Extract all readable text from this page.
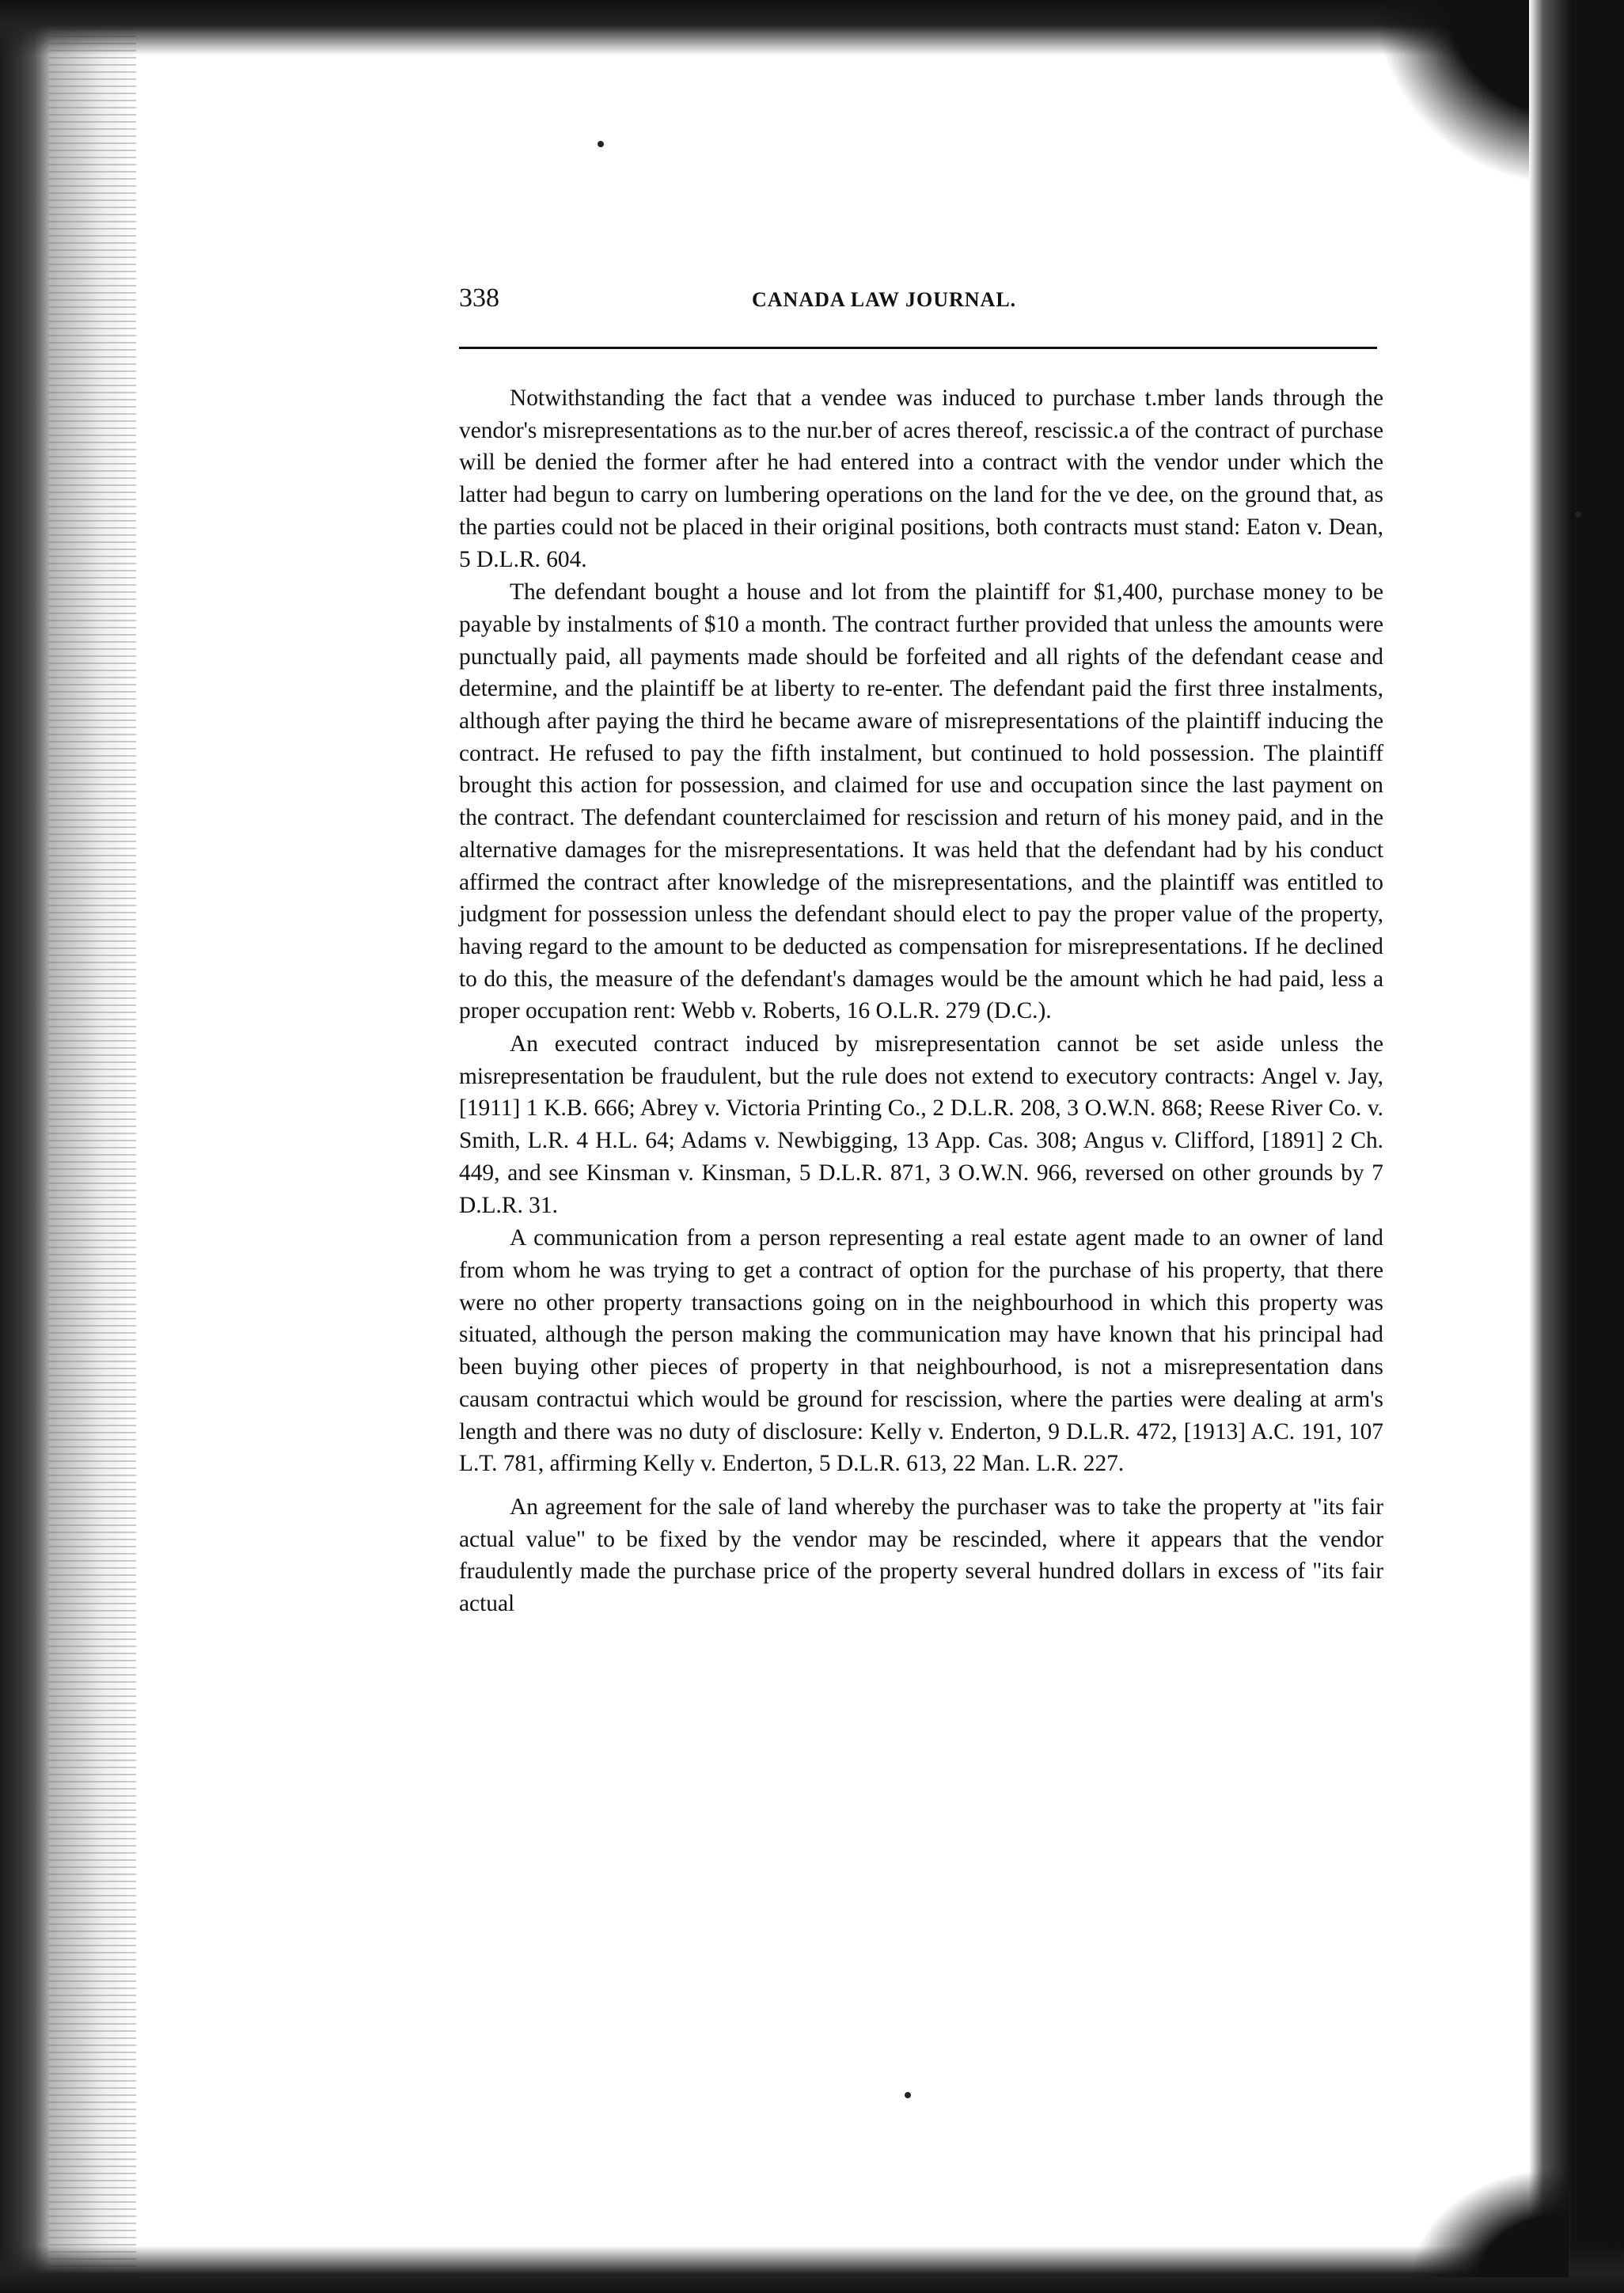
338	CANADA LAW JOURNAL.

Notwithstanding the fact that a vendee was induced to purchase t.mber lands through the vendor's misrepresentations as to the nur.ber of acres thereof, rescissic.a of the contract of purchase will be denied the former after he had entered into a contract with the vendor under which the latter had begun to carry on lumbering operations on the land for the ve dee, on the ground that, as the parties could not be placed in their original positions, both contracts must stand: Eaton v. Dean, 5 D.L.R. 604.

The defendant bought a house and lot from the plaintiff for $1,400, purchase money to be payable by instalments of $10 a month. The contract further provided that unless the amounts were punctually paid, all payments made should be forfeited and all rights of the defendant cease and determine, and the plaintiff be at liberty to re-enter. The defendant paid the first three instalments, although after paying the third he became aware of misrepresentations of the plaintiff inducing the contract. He refused to pay the fifth instalment, but continued to hold possession. The plaintiff brought this action for possession, and claimed for use and occupation since the last payment on the contract. The defendant counterclaimed for rescission and return of his money paid, and in the alternative damages for the misrepresentations. It was held that the defendant had by his conduct affirmed the contract after knowledge of the misrepresentations, and the plaintiff was entitled to judgment for possession unless the defendant should elect to pay the proper value of the property, having regard to the amount to be deducted as compensation for misrepresentations. If he declined to do this, the measure of the defendant's damages would be the amount which he had paid, less a proper occupation rent: Webb v. Roberts, 16 O.L.R. 279 (D.C.).

An executed contract induced by misrepresentation cannot be set aside unless the misrepresentation be fraudulent, but the rule does not extend to executory contracts: Angel v. Jay, [1911] 1 K.B. 666; Abrey v. Victoria Printing Co., 2 D.L.R. 208, 3 O.W.N. 868; Reese River Co. v. Smith, L.R. 4 H.L. 64; Adams v. Newbigging, 13 App. Cas. 308; Angus v. Clifford, [1891] 2 Ch. 449, and see Kinsman v. Kinsman, 5 D.L.R. 871, 3 O.W.N. 966, reversed on other grounds by 7 D.L.R. 31.

A communication from a person representing a real estate agent made to an owner of land from whom he was trying to get a contract of option for the purchase of his property, that there were no other property transactions going on in the neighbourhood in which this property was situated, although the person making the communication may have known that his principal had been buying other pieces of property in that neighbourhood, is not a misrepresentation dans causam contractui which would be ground for rescission, where the parties were dealing at arm's length and there was no duty of disclosure: Kelly v. Enderton, 9 D.L.R. 472, [1913] A.C. 191, 107 L.T. 781, affirming Kelly v. Enderton, 5 D.L.R. 613, 22 Man. L.R. 227.

An agreement for the sale of land whereby the purchaser was to take the property at "its fair actual value" to be fixed by the vendor may be rescinded, where it appears that the vendor fraudulently made the purchase price of the property several hundred dollars in excess of "its fair actual
